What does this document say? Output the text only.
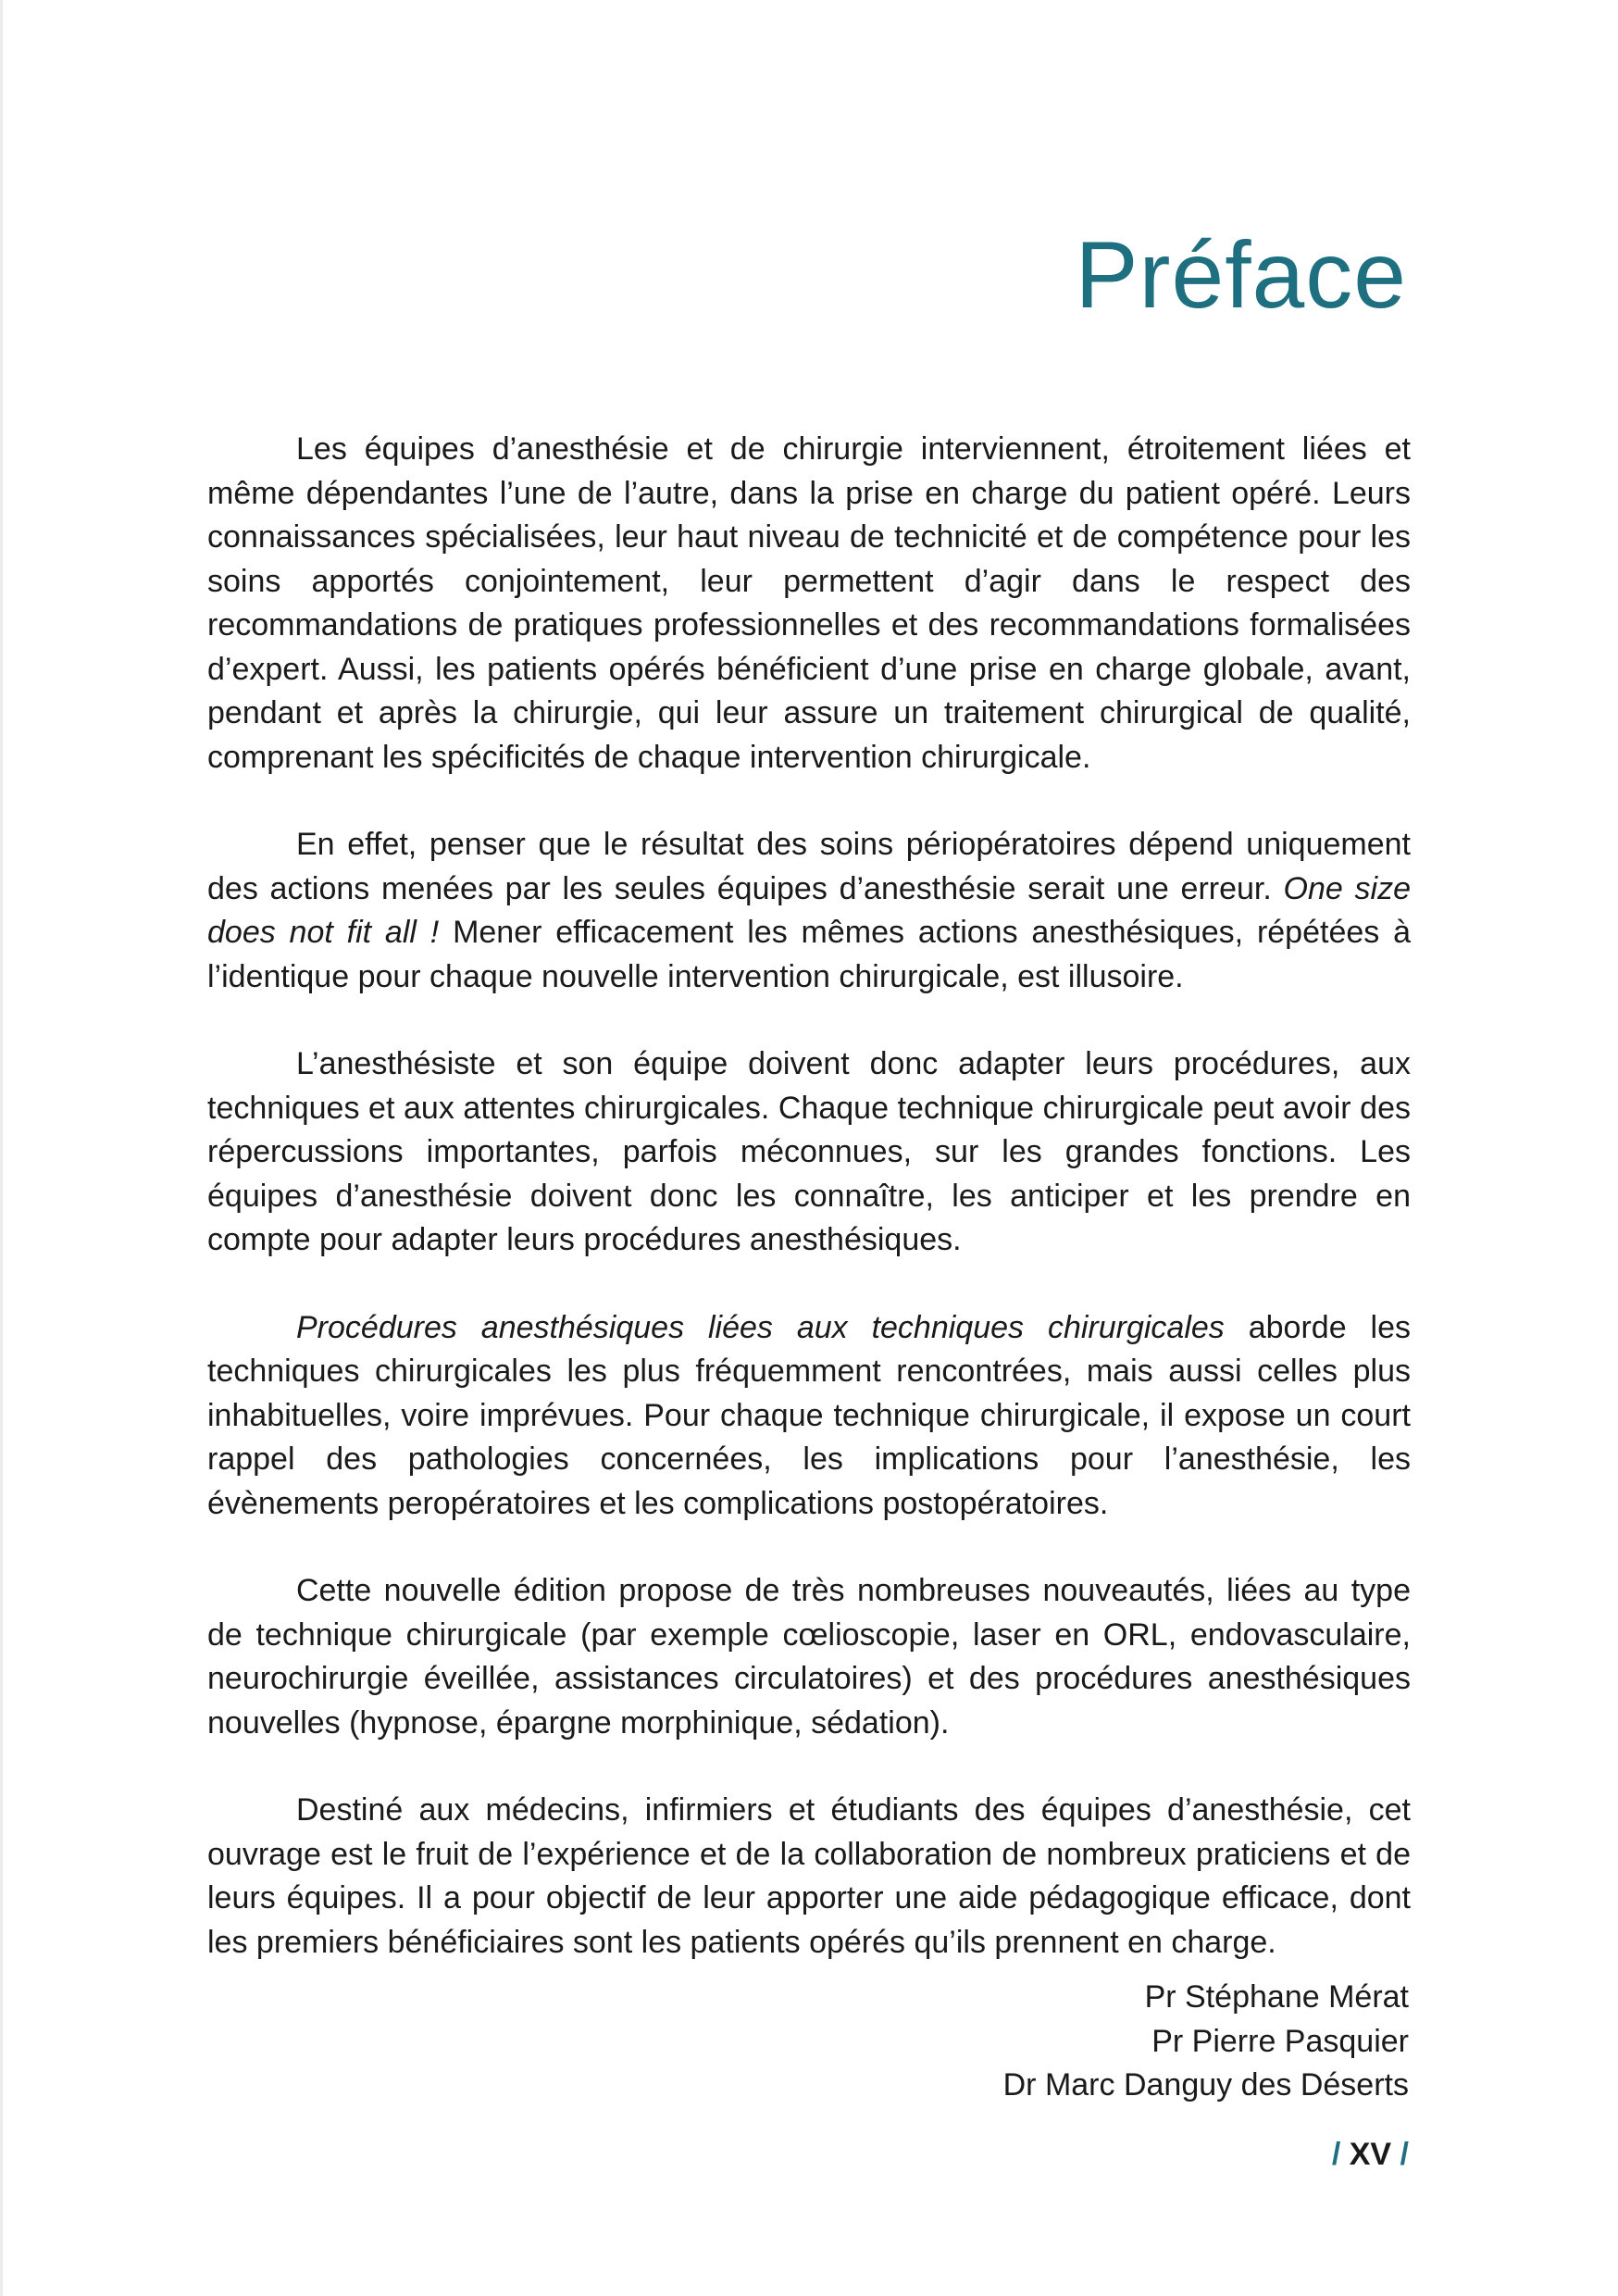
Préface

Les équipes d’anesthésie et de chirurgie interviennent, étroitement liées et même dépendantes l’une de l’autre, dans la prise en charge du patient opéré. Leurs connaissances spécialisées, leur haut niveau de technicité et de compétence pour les soins apportés conjointement, leur permettent d’agir dans le respect des recommandations de pratiques professionnelles et des recommandations formalisées d’expert. Aussi, les patients opérés bénéficient d’une prise en charge globale, avant, pendant et après la chirurgie, qui leur assure un traitement chirurgical de qualité, comprenant les spécificités de chaque intervention chirurgicale.

En effet, penser que le résultat des soins périopératoires dépend uniquement des actions menées par les seules équipes d’anesthésie serait une erreur. One size does not fit all ! Mener efficacement les mêmes actions anesthésiques, répétées à l’identique pour chaque nouvelle intervention chirurgicale, est illusoire.

L’anesthésiste et son équipe doivent donc adapter leurs procédures, aux techniques et aux attentes chirurgicales. Chaque technique chirurgicale peut avoir des répercussions importantes, parfois méconnues, sur les grandes fonctions. Les équipes d’anesthésie doivent donc les connaître, les anticiper et les prendre en compte pour adapter leurs procédures anesthésiques.

Procédures anesthésiques liées aux techniques chirurgicales aborde les techniques chirurgicales les plus fréquemment rencontrées, mais aussi celles plus inhabituelles, voire imprévues. Pour chaque technique chirurgicale, il expose un court rappel des pathologies concernées, les implications pour l’anesthésie, les évènements peropératoires et les complications postopératoires.

Cette nouvelle édition propose de très nombreuses nouveautés, liées au type de technique chirurgicale (par exemple cœlioscopie, laser en ORL, endovasculaire, neurochirurgie éveillée, assistances circulatoires) et des procédures anesthésiques nouvelles (hypnose, épargne morphinique, sédation).

Destiné aux médecins, infirmiers et étudiants des équipes d’anesthésie, cet ouvrage est le fruit de l’expérience et de la collaboration de nombreux praticiens et de leurs équipes. Il a pour objectif de leur apporter une aide pédagogique efficace, dont les premiers bénéficiaires sont les patients opérés qu’ils prennent en charge.

Pr Stéphane Mérat
Pr Pierre Pasquier
Dr Marc Danguy des Déserts
/ XV /
